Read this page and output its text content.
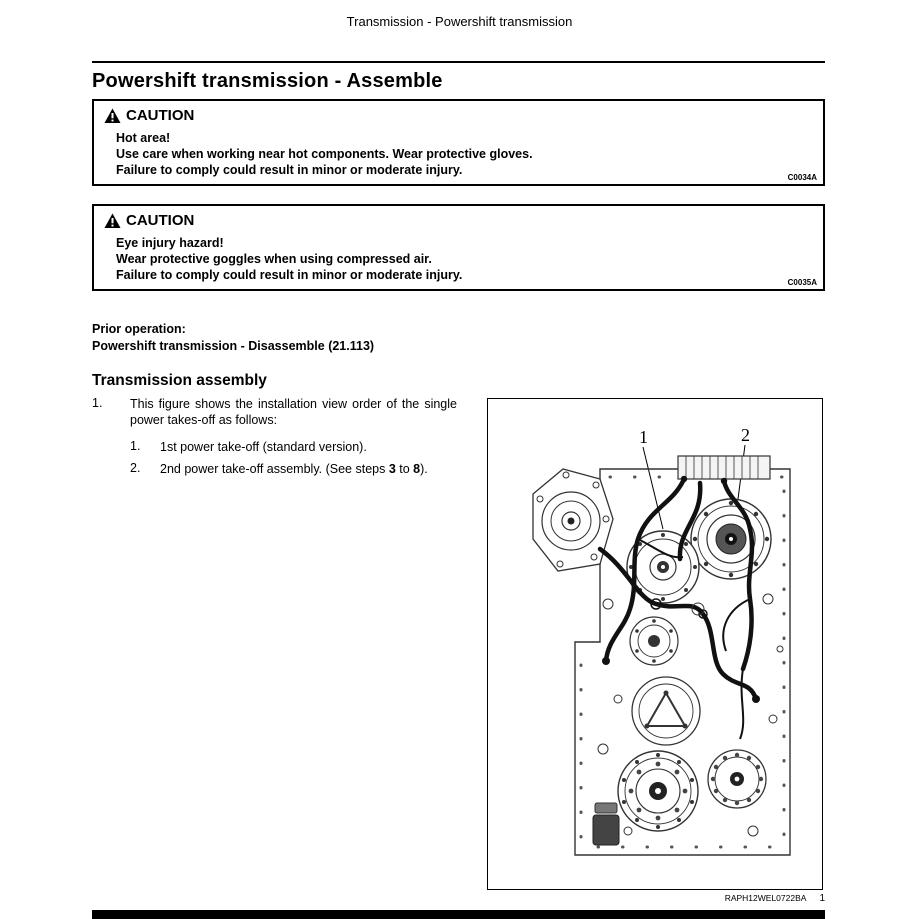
Transmission - Powershift transmission
Powershift transmission - Assemble
CAUTION
Hot area!
Use care when working near hot components. Wear protective gloves.
Failure to comply could result in minor or moderate injury.
C0034A
CAUTION
Eye injury hazard!
Wear protective goggles when using compressed air.
Failure to comply could result in minor or moderate injury.
C0035A
Prior operation:
Powershift transmission - Disassemble (21.113)
Transmission assembly
1. This figure shows the installation view order of the single power takes-off as follows:
1. 1st power take-off (standard version).
2. 2nd power take-off assembly. (See steps 3 to 8).
1	2
RAPH12WEL0722BA 1
